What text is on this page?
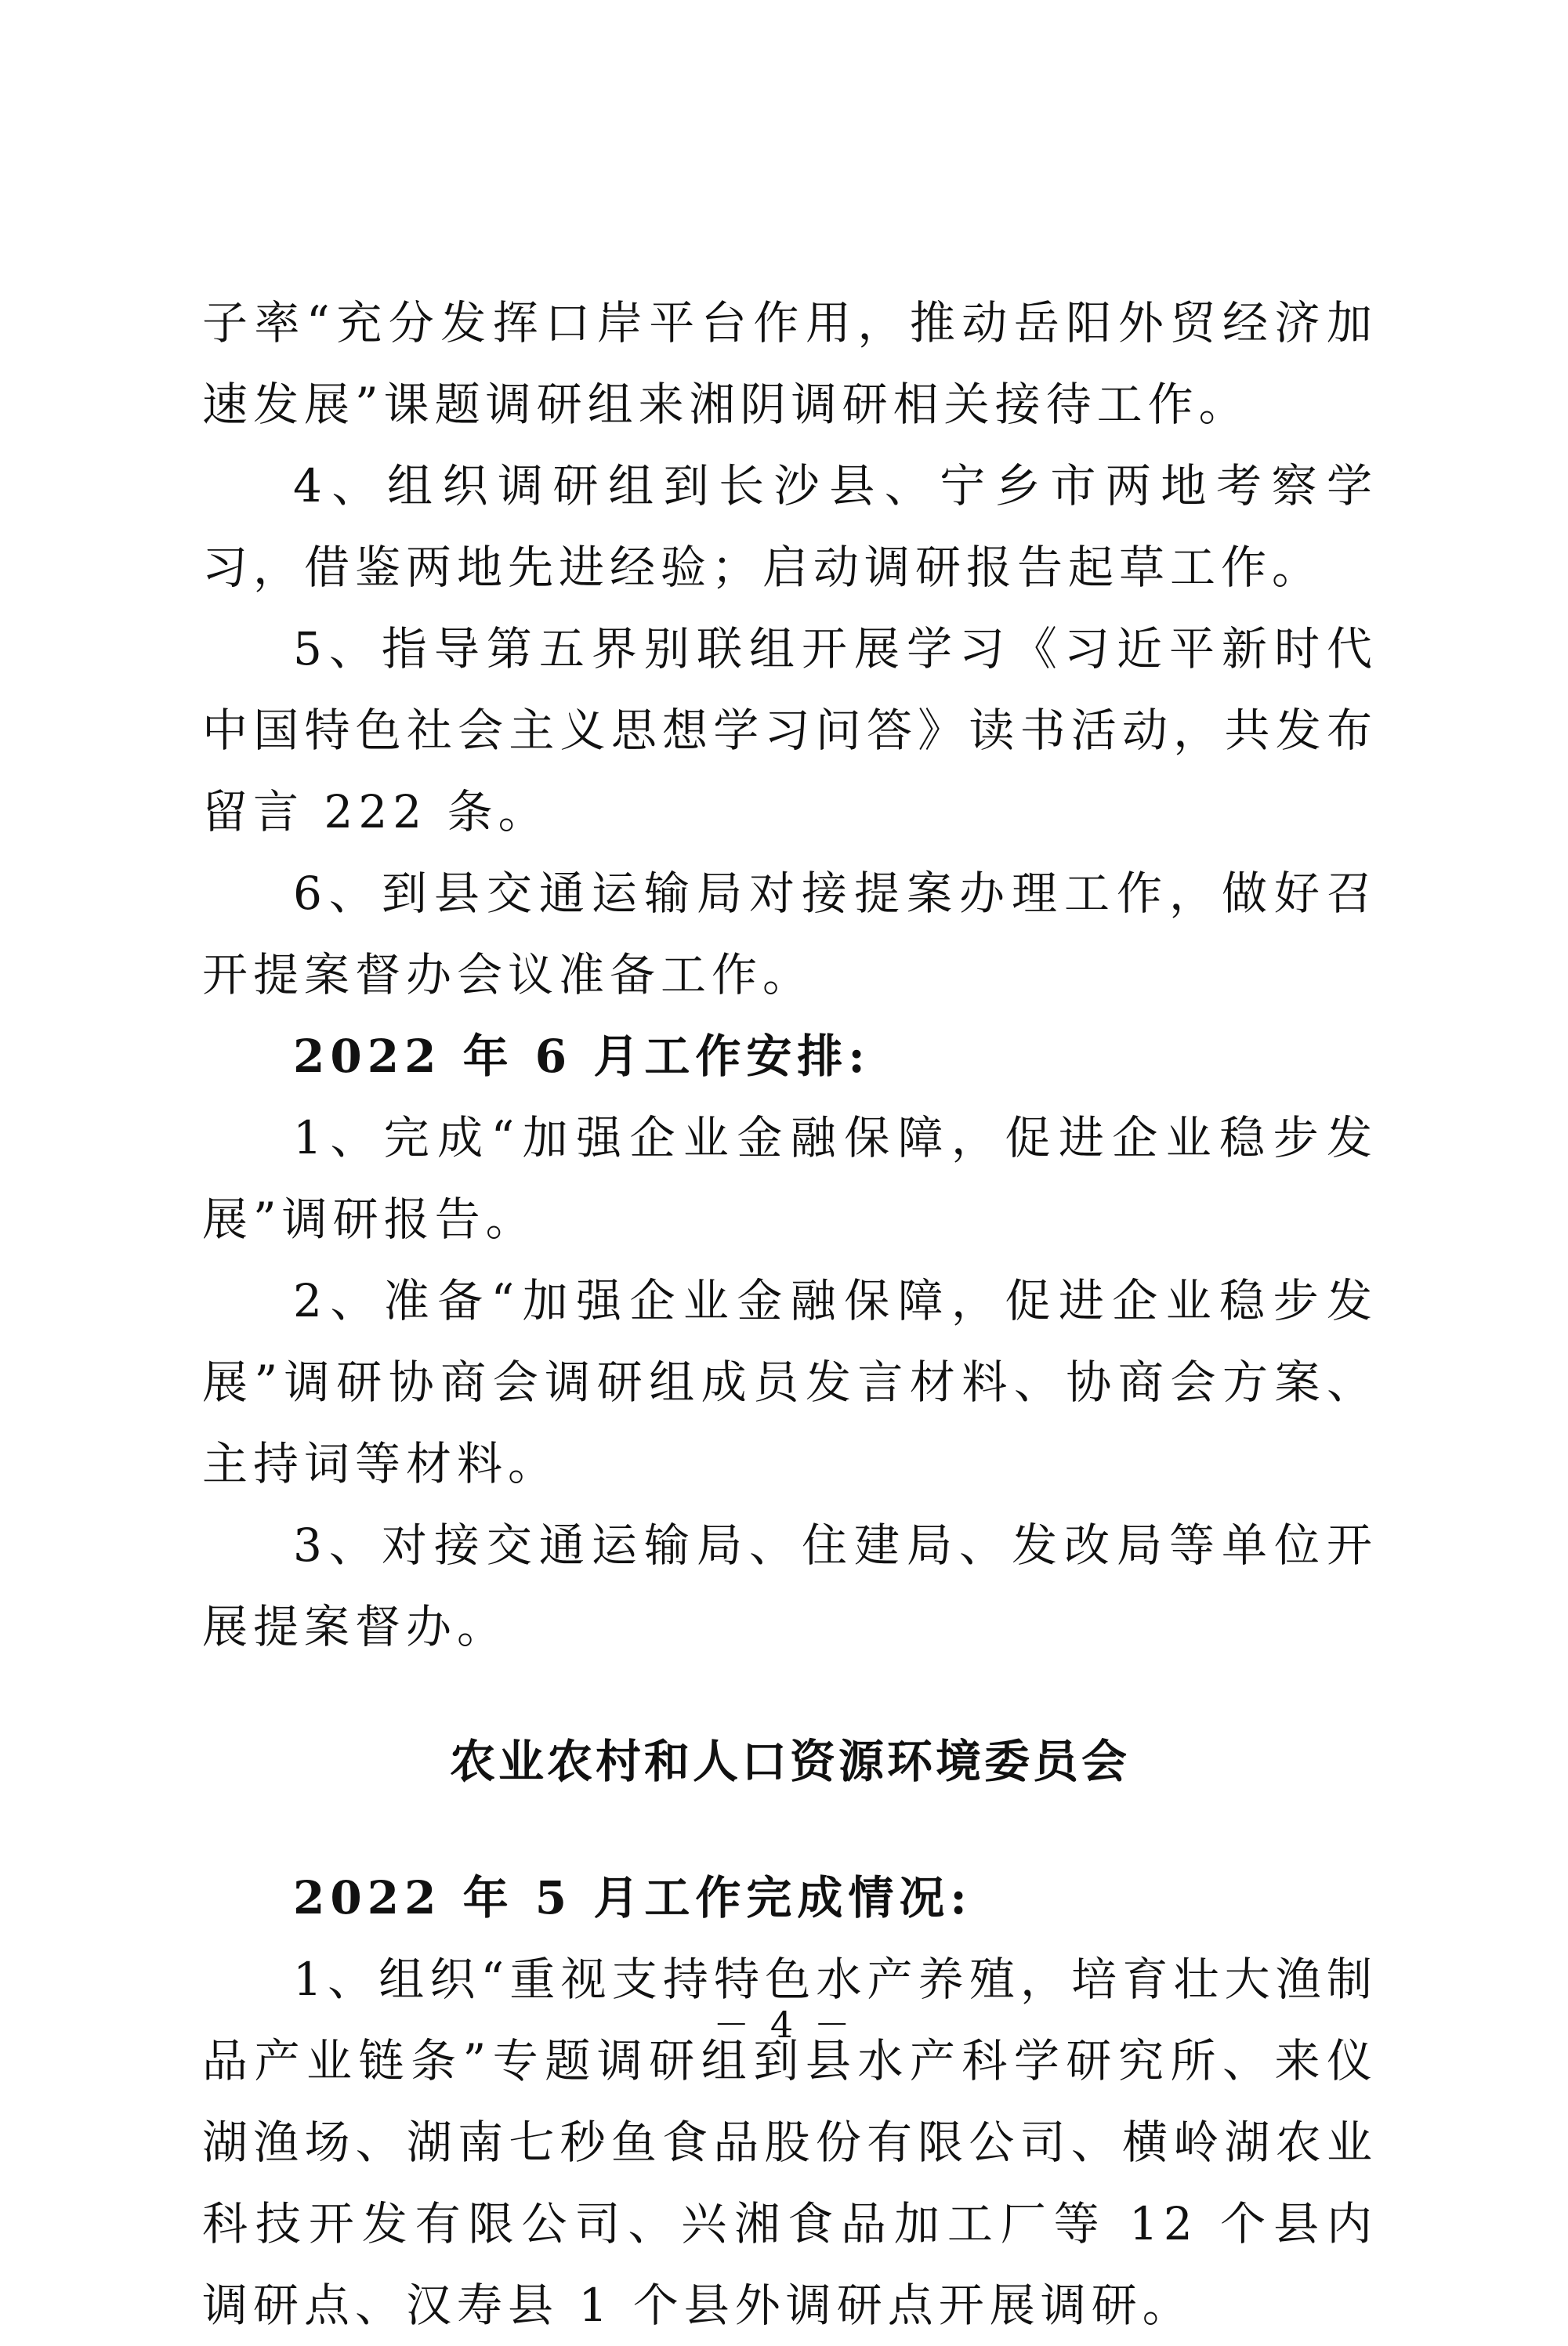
子率“充分发挥口岸平台作用，推动岳阳外贸经济加速发展”课题调研组来湘阴调研相关接待工作。

4、组织调研组到长沙县、宁乡市两地考察学习，借鉴两地先进经验；启动调研报告起草工作。

5、指导第五界别联组开展学习《习近平新时代中国特色社会主义思想学习问答》读书活动，共发布留言 222 条。

6、到县交通运输局对接提案办理工作，做好召开提案督办会议准备工作。

2022 年 6 月工作安排:

1、完成“加强企业金融保障，促进企业稳步发展”调研报告。

2、准备“加强企业金融保障，促进企业稳步发展”调研协商会调研组成员发言材料、协商会方案、主持词等材料。

3、对接交通运输局、住建局、发改局等单位开展提案督办。

农业农村和人口资源环境委员会

2022 年 5 月工作完成情况:

1、组织“重视支持特色水产养殖，培育壮大渔制品产业链条”专题调研组到县水产科学研究所、来仪湖渔场、湖南七秒鱼食品股份有限公司、横岭湖农业科技开发有限公司、兴湘食品加工厂等 12 个县内调研点、汉寿县 1 个县外调研点开展调研。

－ 4 －
